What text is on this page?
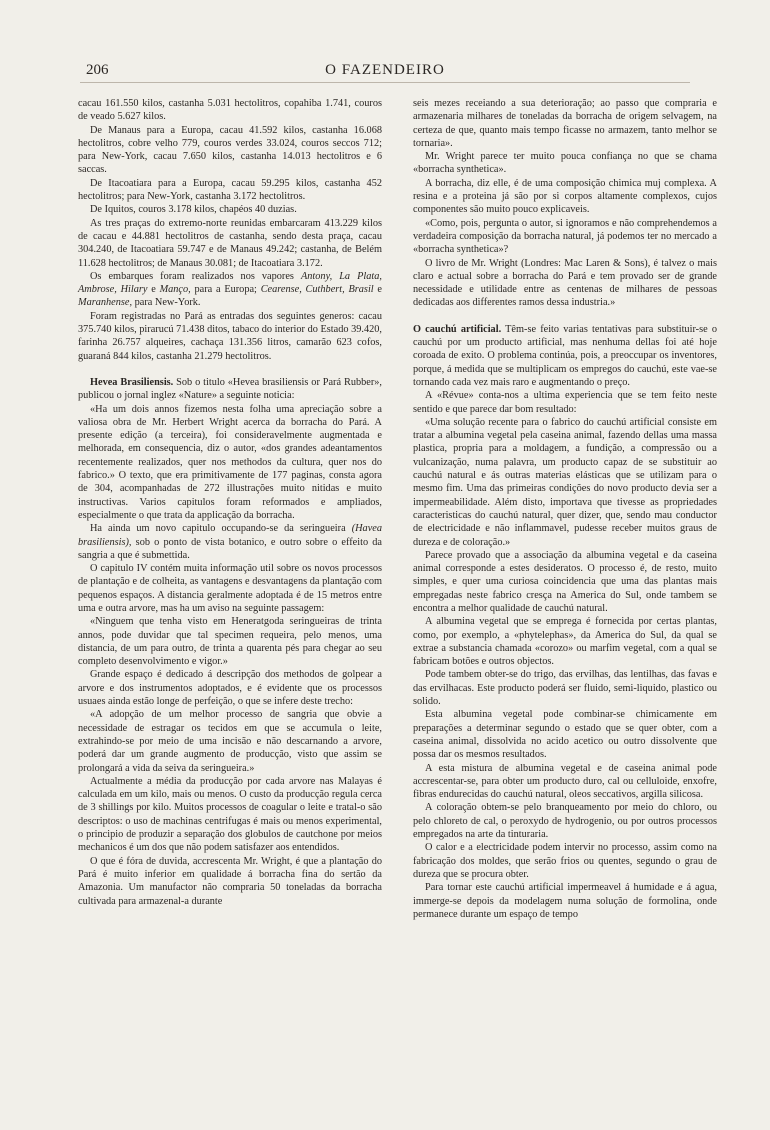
206	O FAZENDEIRO

cacau 161.550 kilos, castanha 5.031 hectolitros, copahiba 1.741, couros de veado 5.627 kilos.

De Manaus para a Europa, cacau 41.592 kilos, castanha 16.068 hectolitros, cobre velho 779, couros verdes 33.024, couros seccos 712; para New-York, cacau 7.650 kilos, castanha 14.013 hectolitros e 6 saccas.

De Itacoatiara para a Europa, cacau 59.295 kilos, castanha 452 hectolitros; para New-York, castanha 3.172 hectolitros.

De Iquitos, couros 3.178 kilos, chapéos 40 duzias.

As tres praças do extremo-norte reunidas embarcaram 413.229 kilos de cacau e 44.881 hectolitros de castanha, sendo desta praça, cacau 304.240, de Itacoatiara 59.747 e de Manaus 49.242; castanha, de Belém 11.628 hectolitros; de Manaus 30.081; de Itacoatiara 3.172.

Os embarques foram realizados nos vapores Antony, La Plata, Ambrose, Hilary e Manço, para a Europa; Cearense, Cuthbert, Brasil e Maranhense, para New-York.

Foram registradas no Pará as entradas dos seguintes generos: cacau 375.740 kilos, pirarucú 71.438 ditos, tabaco do interior do Estado 39.420, farinha 26.757 alqueires, cachaça 131.356 litros, camarão 623 cofos, guaraná 844 kilos, castanha 21.279 hectolitros.

Hevea Brasiliensis. Sob o titulo «Hevea brasiliensis or Pará Rubber», publicou o jornal inglez «Nature» a seguinte noticia:

«Ha um dois annos fizemos nesta folha uma apreciação sobre a valiosa obra de Mr. Herbert Wright acerca da borracha do Pará. A presente edição (a terceira), foi consideravelmente augmentada e melhorada, em consequencia, diz o autor, «dos grandes adeantamentos recentemente realizados, quer nos methodos da cultura, quer nos do fabrico.» O texto, que era primitivamente de 177 paginas, consta agora de 304, acompanhadas de 272 illustrações muito nitidas e muito instructivas. Varios capitulos foram reformados e ampliados, especialmente o que trata da applicação da borracha.

Ha ainda um novo capitulo occupando-se da seringueira (Havea brasiliensis), sob o ponto de vista botanico, e outro sobre o effeito da sangria a que é submettida.

O capitulo IV contém muita informação util sobre os novos processos de plantação e de colheita, as vantagens e desvantagens da plantação com pequenos espaços. A distancia geralmente adoptada é de 15 metros entre uma e outra arvore, mas ha um aviso na seguinte passagem:

«Ninguem que tenha visto em Heneratgoda seringueiras de trinta annos, pode duvidar que tal specimen requeira, pelo menos, uma distancia, de um para outro, de trinta a quarenta pés para chegar ao seu completo desenvolvimento e vigor.»

Grande espaço é dedicado á descripção dos methodos de golpear a arvore e dos instrumentos adoptados, e é evidente que os processos usuaes ainda estão longe de perfeição, o que se infere deste trecho:

«A adopção de um melhor processo de sangria que obvie a necessidade de estragar os tecidos em que se accumula o leite, extrahindo-se por meio de uma incisão e não descarnando a arvore, poderá dar um grande augmento de producção, visto que assim se prolongará a vida da seiva da seringueira.»

Actualmente a média da producção por cada arvore nas Malayas é calculada em um kilo, mais ou menos. O custo da producção regula cerca de 3 shillings por kilo. Muitos processos de coagular o leite e tratal-o são descriptos: o uso de machinas centrifugas é mais ou menos experimental, o principio de produzir a separação dos globulos de cautchone por meios mechanicos é um dos que não podem satisfazer aos entendidos.

O que é fóra de duvida, accrescenta Mr. Wright, é que a plantação do Pará é muito inferior em qualidade á borracha fina do sertão da Amazonia. Um manufactor não compraria 50 toneladas da borracha cultivada para armazenal-a durante

seis mezes receiando a sua deterioração; ao passo que compraria e armazenaria milhares de toneladas da borracha de origem selvagem, na certeza de que, quanto mais tempo ficasse no armazem, tanto melhor se tornaria».

Mr. Wright parece ter muito pouca confiança no que se chama «borracha synthetica».

A borracha, diz elle, é de uma composição chimica muj complexa. A resina e a proteina já são por si corpos altamente complexos, cujos componentes são muito pouco explicaveis.

«Como, pois, pergunta o autor, si ignoramos e não comprehendemos a verdadeira composição da borracha natural, já podemos ter no mercado a «borracha synthetica»?

O livro de Mr. Wright (Londres: Mac Laren & Sons), é talvez o mais claro e actual sobre a borracha do Pará e tem provado ser de grande necessidade e utilidade entre as centenas de milhares de pessoas dedicadas aos differentes ramos dessa industria.»

O cauchú artificial. Têm-se feito varias tentativas para substituir-se o cauchú por um producto artificial, mas nenhuma dellas foi até hoje coroada de exito. O problema continúa, pois, a preoccupar os inventores, porque, á medida que se multiplicam os empregos do cauchú, este vae-se tornando cada vez mais raro e augmentando o preço.

A «Révue» conta-nos a ultima experiencia que se tem feito neste sentido e que parece dar bom resultado:

«Uma solução recente para o fabrico do cauchú artificial consiste em tratar a albumina vegetal pela caseina animal, fazendo dellas uma massa plastica, propria para a moldagem, a fundição, a compressão ou a vulcanização, numa palavra, um producto capaz de se substituir ao cauchú natural e ás outras materias elásticas que se utilizam para o mesmo fim. Uma das primeiras condições do novo producto devia ser a impermeabilidade. Além disto, importava que tivesse as propriedades caracteristicas do cauchú natural, quer dizer, que, sendo mau conductor de electricidade e não inflammavel, pudesse receber muitos graus de dureza e de coloração.»

Parece provado que a associação da albumina vegetal e da caseina animal corresponde a estes desideratos. O processo é, de resto, muito simples, e quer uma curiosa coincidencia que uma das plantas mais empregadas neste fabrico cresça na America do Sul, onde tambem se encontra a melhor qualidade de cauchú natural.

A albumina vegetal que se emprega é fornecida por certas plantas, como, por exemplo, a «phytelephas», da America do Sul, da qual se extrae a substancia chamada «corozo» ou marfim vegetal, com a qual se fabricam botões e outros objectos.

Pode tambem obter-se do trigo, das ervilhas, das lentilhas, das favas e das ervilhacas. Este producto poderá ser fluido, semi-liquido, plastico ou solido.

Esta albumina vegetal pode combinar-se chimicamente em preparações a determinar segundo o estado que se quer obter, com a caseina animal, dissolvida no acido acetico ou outro dissolvente que possa dar os mesmos resultados.

A esta mistura de albumina vegetal e de caseina animal pode accrescentar-se, para obter um producto duro, cal ou celluloide, enxofre, fibras endurecidas do cauchú natural, oleos seccativos, argilla silicosa.

A coloração obtem-se pelo branqueamento por meio do chloro, ou pelo chloreto de cal, o peroxydo de hydrogenio, ou por outros processos empregados na arte da tinturaria.

O calor e a electricidade podem intervir no processo, assim como na fabricação dos moldes, que serão frios ou quentes, segundo o grau de dureza que se procura obter.

Para tornar este cauchú artificial impermeavel á humidade e á agua, immerge-se depois da modelagem numa solução de formolina, onde permanece durante um espaço de tempo
